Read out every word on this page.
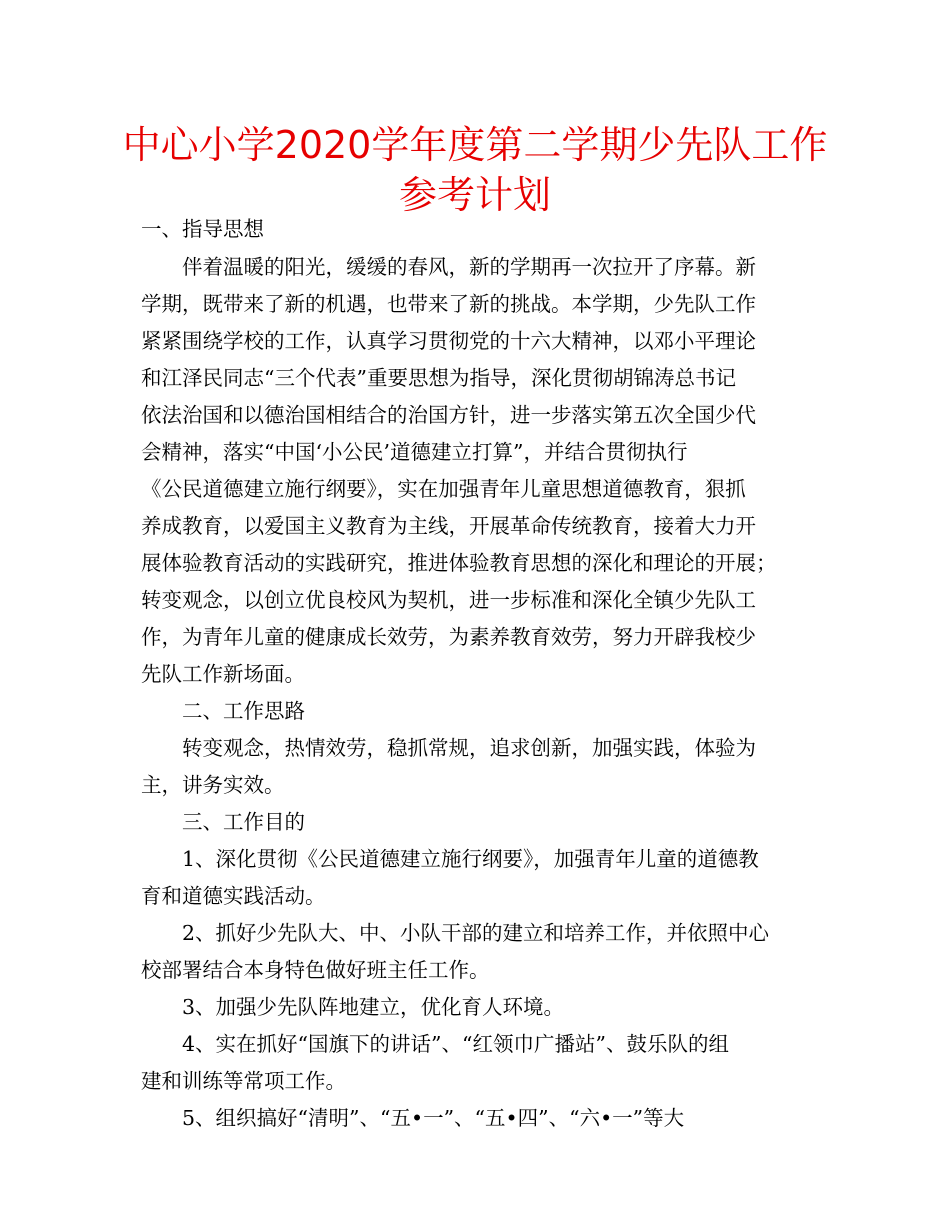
中心小学2020学年度第二学期少先队工作
参考计划
一、指导思想
　　伴着温暖的阳光，缓缓的春风，新的学期再一次拉开了序幕。新
学期，既带来了新的机遇，也带来了新的挑战。本学期，少先队工作
紧紧围绕学校的工作，认真学习贯彻党的十六大精神，以邓小平理论
和江泽民同志“三个代表”重要思想为指导，深化贯彻胡锦涛总书记
依法治国和以德治国相结合的治国方针，进一步落实第五次全国少代
会精神，落实“中国‘小公民’道德建立打算”，并结合贯彻执行
《公民道德建立施行纲要》，实在加强青年儿童思想道德教育，狠抓
养成教育，以爱国主义教育为主线，开展革命传统教育，接着大力开
展体验教育活动的实践研究，推进体验教育思想的深化和理论的开展；
转变观念，以创立优良校风为契机，进一步标准和深化全镇少先队工
作，为青年儿童的健康成长效劳，为素养教育效劳，努力开辟我校少
先队工作新场面。
　　二、工作思路
　　转变观念，热情效劳，稳抓常规，追求创新，加强实践，体验为
主，讲务实效。
　　三、工作目的
　　1、深化贯彻《公民道德建立施行纲要》，加强青年儿童的道德教
育和道德实践活动。
　　2、抓好少先队大、中、小队干部的建立和培养工作，并依照中心
校部署结合本身特色做好班主任工作。
　　3、加强少先队阵地建立，优化育人环境。
　　4、实在抓好“国旗下的讲话”、“红领巾广播站”、鼓乐队的组
建和训练等常项工作。
　　5、组织搞好“清明”、“五•一”、“五•四”、“六•一”等大
